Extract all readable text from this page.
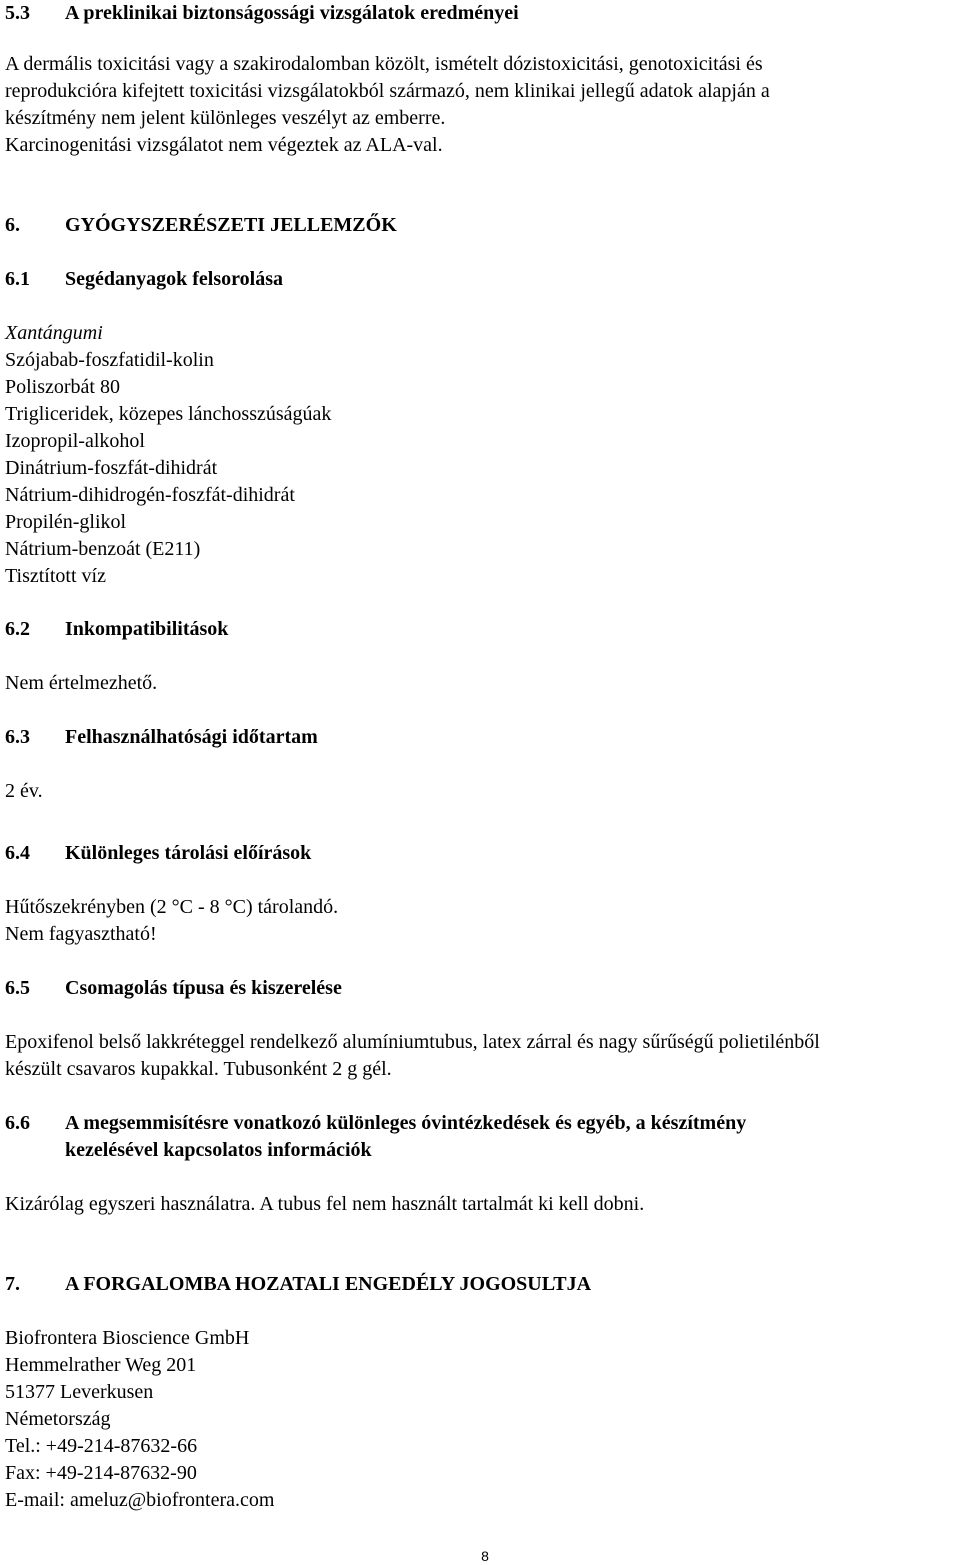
5.3 A preklinikai biztonságossági vizsgálatok eredményei
A dermális toxicitási vagy a szakirodalomban közölt, ismételt dózistoxicitási, genotoxicitási és
reprodukcióra kifejtett toxicitási vizsgálatokból származó, nem klinikai jellegű adatok alapján a
készítmény nem jelent különleges veszélyt az emberre.
Karcinogenitási vizsgálatot nem végeztek az ALA-val.
6. GYÓGYSZERÉSZETI JELLEMZŐK
6.1 Segédanyagok felsorolása
Xantángumi
Szójabab-foszfatidil-kolin
Poliszorbát 80
Trigliceridek, közepes lánchosszúságúak
Izopropil-alkohol
Dinátrium-foszfát-dihidrát
Nátrium-dihidrogén-foszfát-dihidrát
Propilén-glikol
Nátrium-benzoát (E211)
Tisztított víz
6.2 Inkompatibilitások
Nem értelmezhető.
6.3 Felhasználhatósági időtartam
2 év.
6.4 Különleges tárolási előírások
Hűtőszekrényben (2 °C - 8 °C) tárolandó.
Nem fagyasztható!
6.5 Csomagolás típusa és kiszerelése
Epoxifenol belső lakkréteggel rendelkező alumíniumtubus, latex zárral és nagy sűrűségű polietilénből
készült csavaros kupakkal. Tubusonként 2 g gél.
6.6	A megsemmisítésre vonatkozó különleges óvintézkedések és egyéb, a készítmény
kezelésével kapcsolatos információk
Kizárólag egyszeri használatra. A tubus fel nem használt tartalmát ki kell dobni.
7. A FORGALOMBA HOZATALI ENGEDÉLY JOGOSULTJA
Biofrontera Bioscience GmbH
Hemmelrather Weg 201
51377 Leverkusen
Németország
Tel.: +49-214-87632-66
Fax: +49-214-87632-90
E-mail: ameluz@biofrontera.com
8
